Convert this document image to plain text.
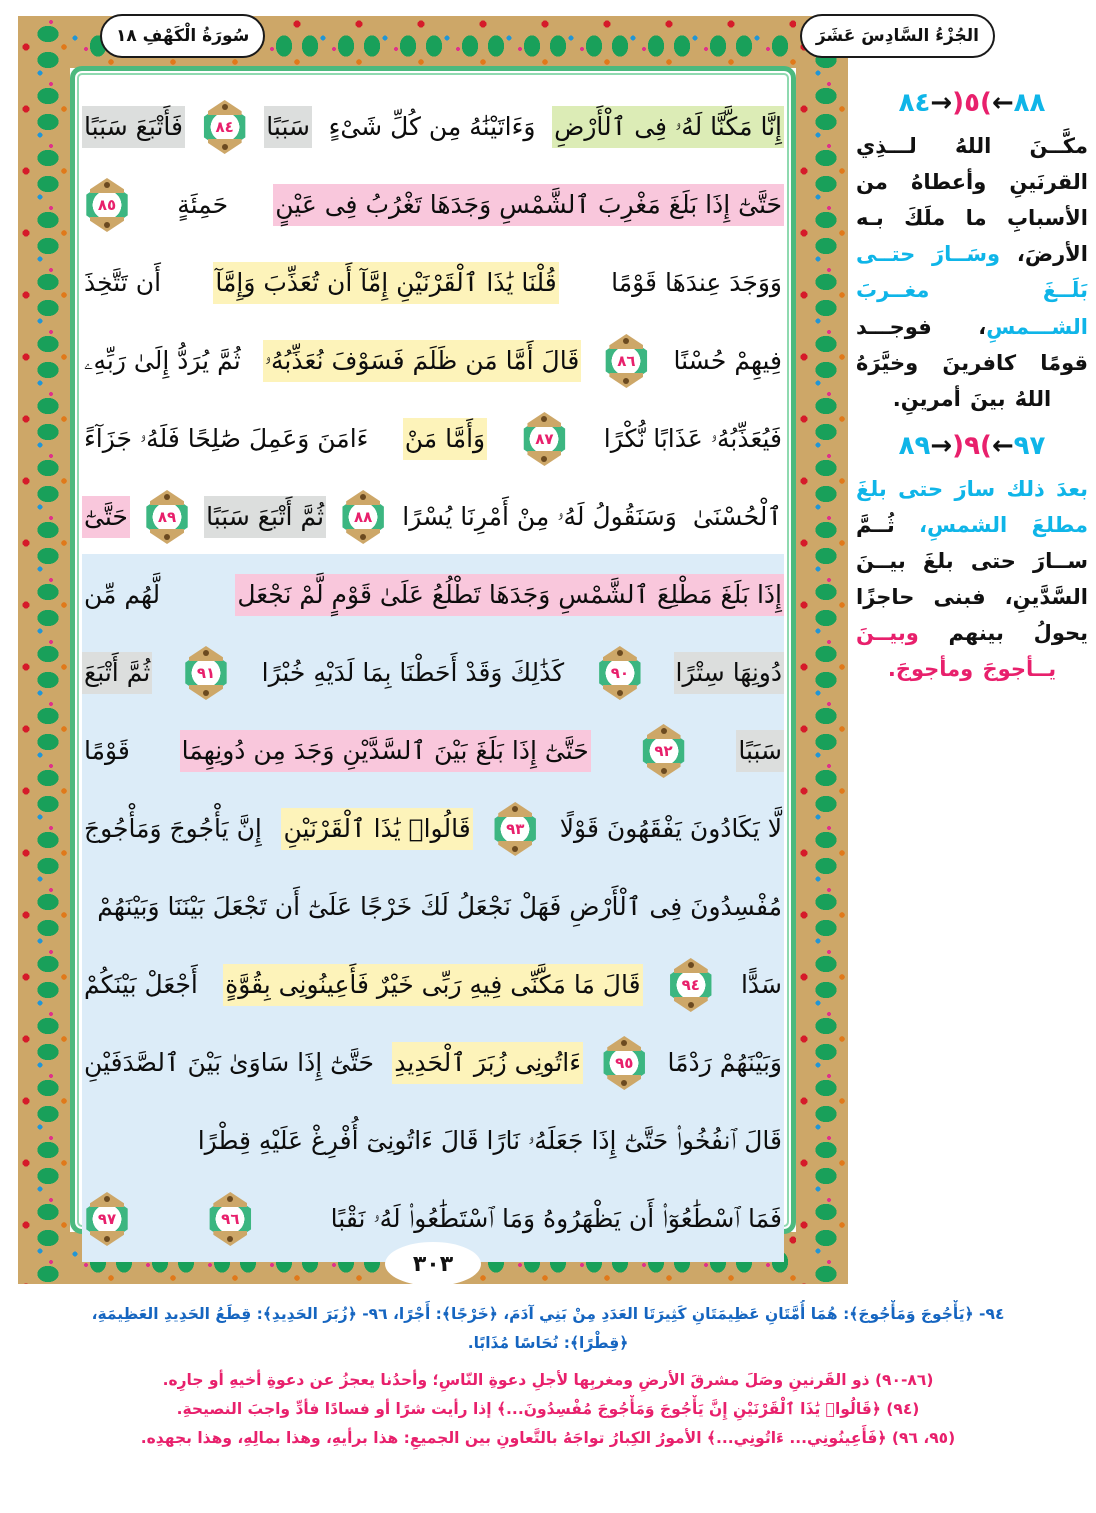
٣٠٣
سُورَةُ الْكَهْفِ ١٨	الجُزْءُ السَّادِسَ عَشَرَ
إِنَّا مَكَّنَّا لَهُۥ فِى ٱلْأَرْضِ
وَءَاتَيْنَٰهُ مِن كُلِّ شَىْءٍ
سَبَبًا
٨٤
فَأَتْبَعَ سَبَبًا
حَتَّىٰٓ إِذَا بَلَغَ مَغْرِبَ ٱلشَّمْسِ وَجَدَهَا تَغْرُبُ فِى عَيْنٍ
حَمِئَةٍ
٨٥
وَوَجَدَ عِندَهَا قَوْمًا
قُلْنَا يَٰذَا ٱلْقَرْنَيْنِ إِمَّآ أَن تُعَذِّبَ وَإِمَّآ
أَن تَتَّخِذَ
فِيهِمْ حُسْنًا
٨٦
قَالَ أَمَّا مَن ظَلَمَ فَسَوْفَ نُعَذِّبُهُۥ
ثُمَّ يُرَدُّ إِلَىٰ رَبِّهِۦ
فَيُعَذِّبُهُۥ عَذَابًا نُّكْرًا
٨٧
وَأَمَّا مَنْ
ءَامَنَ وَعَمِلَ صَٰلِحًا فَلَهُۥ جَزَآءً
ٱلْحُسْنَىٰ
وَسَنَقُولُ لَهُۥ مِنْ أَمْرِنَا يُسْرًا
٨٨
ثُمَّ أَتْبَعَ سَبَبًا
٨٩
حَتَّىٰٓ
إِذَا بَلَغَ مَطْلِعَ ٱلشَّمْسِ وَجَدَهَا تَطْلُعُ عَلَىٰ قَوْمٍ لَّمْ نَجْعَل
لَّهُم مِّن
دُونِهَا سِتْرًا
٩٠
كَذَٰلِكَ وَقَدْ أَحَطْنَا بِمَا لَدَيْهِ خُبْرًا
٩١
ثُمَّ أَتْبَعَ
سَبَبًا
٩٢
حَتَّىٰٓ إِذَا بَلَغَ بَيْنَ ٱلسَّدَّيْنِ وَجَدَ مِن دُونِهِمَا
قَوْمًا
لَّا يَكَادُونَ يَفْقَهُونَ قَوْلًا
٩٣
قَالُوا۟ يَٰذَا ٱلْقَرْنَيْنِ
إِنَّ يَأْجُوجَ وَمَأْجُوجَ
مُفْسِدُونَ فِى ٱلْأَرْضِ فَهَلْ نَجْعَلُ لَكَ خَرْجًا عَلَىٰٓ أَن تَجْعَلَ بَيْنَنَا وَبَيْنَهُمْ
سَدًّا
٩٤
قَالَ مَا مَكَّنِّى فِيهِ رَبِّى خَيْرٌ فَأَعِينُونِى بِقُوَّةٍ
أَجْعَلْ بَيْنَكُمْ
وَبَيْنَهُمْ رَدْمًا
٩٥
ءَاتُونِى زُبَرَ ٱلْحَدِيدِ
حَتَّىٰٓ إِذَا سَاوَىٰ بَيْنَ ٱلصَّدَفَيْنِ
قَالَ ٱنفُخُوا۟ حَتَّىٰٓ إِذَا جَعَلَهُۥ نَارًا قَالَ ءَاتُونِىٓ أُفْرِغْ عَلَيْهِ قِطْرًا
فَمَا ٱسْطَٰعُوٓا۟ أَن يَظْهَرُوهُ وَمَا ٱسْتَطَٰعُوا۟ لَهُۥ نَقْبًا
٩٦
٩٧
٨٨←)٥(→٨٤
مكَّــنَ اللهُ لـــذِي القرنَينِ وأعطاهُ من الأسبابِ ما ملَكَ بـه الأرضَ، وسَــارَ حتــى بَلَــغَ مغــربَ الشـــمسِ، فوجـــد قومًا كافرينَ وخيَّرَهُ اللهُ بينَ أمرينِ.
٩٧←)٩(→٨٩
بعدَ ذلك سارَ حتى بلغَ مطلعَ الشمسِ، ثُــمَّ ســارَ حتى بلغَ بيــنَ السَّدَّينِ، فبنى حاجزًا يحولُ بينهم وبيــنَ يــأجوجَ ومأجوجَ.
٩٤- ﴿يَأْجُوجَ وَمَأْجُوجَ﴾: هُمَا أُمَّتَانِ عَظِيمَتَانِ كَثِيرَتَا العَدَدِ مِنْ بَنِي آدَمَ، ﴿خَرْجًا﴾: أَجْرًا، ٩٦- ﴿زُبَرَ الحَدِيدِ﴾: قِطَعُ الحَدِيدِ العَظِيمَةِ،
﴿قِطْرًا﴾: نُحَاسًا مُذَابًا.
(٨٦-٩٠) ذو القَرنينِ وصَلَ مشرقَ الأرضِ ومغربِها لأجلِ دعوةِ النّاسِ؛ وأحدُنا يعجزُ عن دعوةِ أخيهِ أو جارِه.
(٩٤) ﴿قَالُوا۟ يَٰذَا ٱلْقَرْنَيْنِ إِنَّ يَأْجُوجَ وَمَأْجُوجَ مُفْسِدُونَ...﴾ إذا رأيت شرًا أو فسادًا فأدِّ واجبَ النصيحةِ.
(٩٥، ٩٦) ﴿فَأَعِينُونِي... ءَاتُونِي...﴾ الأمورُ الكِبارُ تواجَهُ بالتَّعاونِ بين الجميعِ: هذا برأيهِ، وهذا بمالِهِ، وهذا بجهدِه.
